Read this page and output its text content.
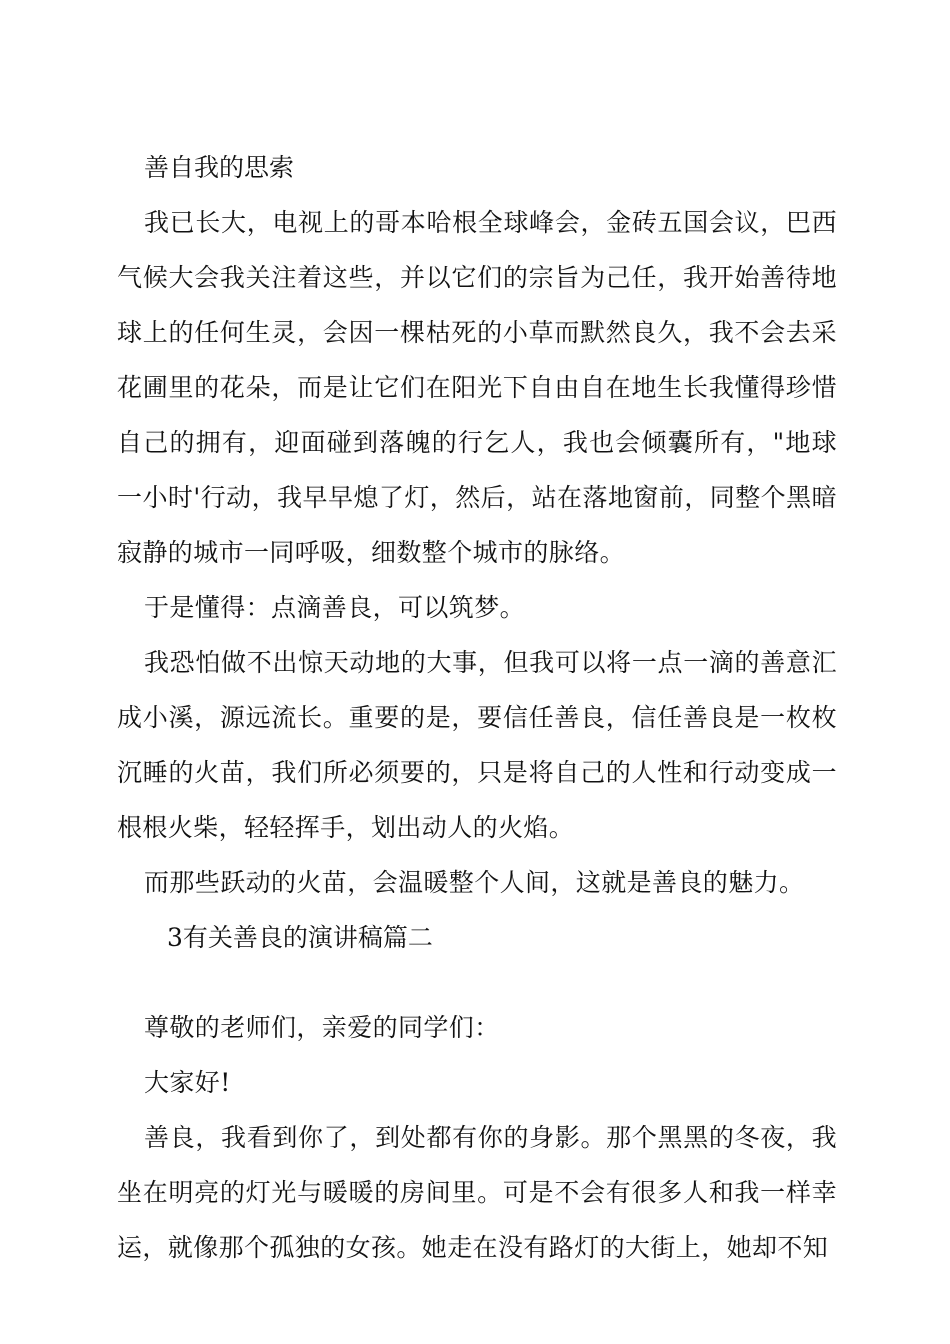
善自我的思索

我已长大，电视上的哥本哈根全球峰会，金砖五国会议，巴西气候大会我关注着这些，并以它们的宗旨为己任，我开始善待地球上的任何生灵，会因一棵枯死的小草而默然良久，我不会去采花圃里的花朵，而是让它们在阳光下自由自在地生长我懂得珍惜自己的拥有，迎面碰到落魄的行乞人，我也会倾囊所有，"地球一小时'行动，我早早熄了灯，然后，站在落地窗前，同整个黑暗寂静的城市一同呼吸，细数整个城市的脉络。

于是懂得：点滴善良，可以筑梦。

我恐怕做不出惊天动地的大事，但我可以将一点一滴的善意汇成小溪，源远流长。重要的是，要信任善良，信任善良是一枚枚沉睡的火苗，我们所必须要的，只是将自己的人性和行动变成一根根火柴，轻轻挥手，划出动人的火焰。

而那些跃动的火苗，会温暖整个人间，这就是善良的魅力。

3有关善良的演讲稿篇二

尊敬的老师们，亲爱的同学们：

大家好!

善良，我看到你了，到处都有你的身影。那个黑黑的冬夜，我坐在明亮的灯光与暖暖的房间里。可是不会有很多人和我一样幸运，就像那个孤独的女孩。她走在没有路灯的大街上，她却不知
